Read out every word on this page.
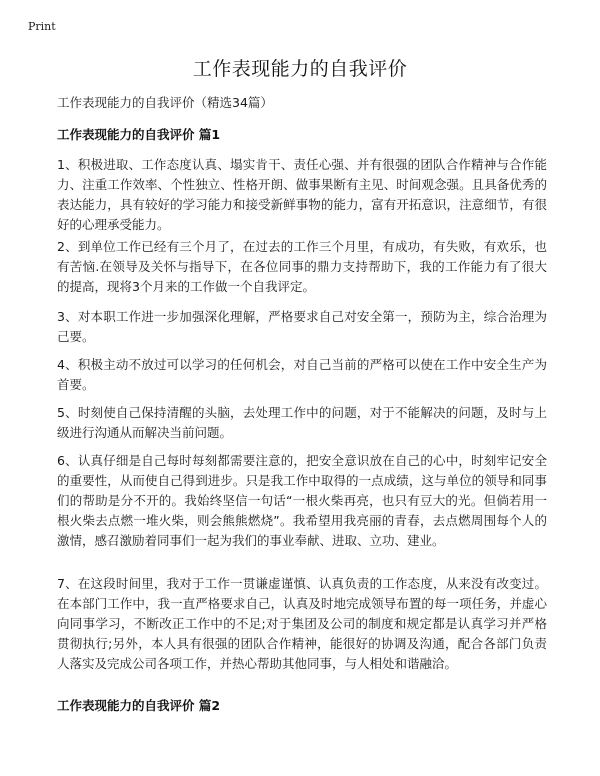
Print
工作表现能力的自我评价
工作表现能力的自我评价（精选34篇）
工作表现能力的自我评价 篇1

1、积极进取、工作态度认真、塌实肯干、责任心强、并有很强的团队合作精神与合作能力、注重工作效率、个性独立、性格开朗、做事果断有主见、时间观念强。且具备优秀的表达能力，具有较好的学习能力和接受新鲜事物的能力，富有开拓意识，注意细节，有很好的心理承受能力。

2、到单位工作已经有三个月了，在过去的工作三个月里，有成功，有失败，有欢乐，也有苦恼.在领导及关怀与指导下，在各位同事的鼎力支持帮助下，我的工作能力有了很大的提高，现将3个月来的工作做一个自我评定。

3、对本职工作进一步加强深化理解，严格要求自己对安全第一，预防为主，综合治理为己要。

4、积极主动不放过可以学习的任何机会，对自己当前的严格可以使在工作中安全生产为首要。

5、时刻使自己保持清醒的头脑，去处理工作中的问题，对于不能解决的问题，及时与上级进行沟通从而解决当前问题。

6、认真仔细是自己每时每刻都需要注意的，把安全意识放在自己的心中，时刻牢记安全的重要性，从而使自己得到进步。只是我工作中取得的一点成绩，这与单位的领导和同事们的帮助是分不开的。我始终坚信一句话“一根火柴再亮，也只有豆大的光。但倘若用一根火柴去点燃一堆火柴，则会熊熊燃烧”。我希望用我亮丽的青春，去点燃周围每个人的激情，感召激励着同事们一起为我们的事业奉献、进取、立功、建业。

7、在这段时间里，我对于工作一贯谦虚谨慎、认真负责的工作态度，从来没有改变过。在本部门工作中，我一直严格要求自己，认真及时地完成领导布置的每一项任务，并虚心向同事学习，不断改正工作中的不足;对于集团及公司的制度和规定都是认真学习并严格贯彻执行;另外，本人具有很强的团队合作精神，能很好的协调及沟通，配合各部门负责人落实及完成公司各项工作，并热心帮助其他同事，与人相处和谐融洽。

工作表现能力的自我评价 篇2
